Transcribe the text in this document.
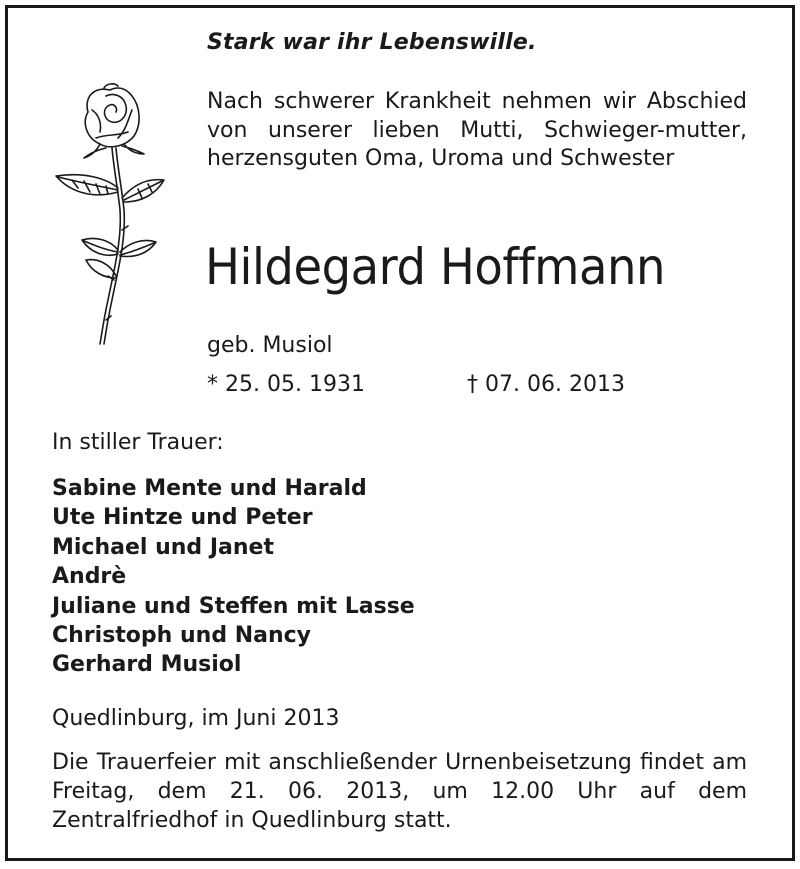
Stark war ihr Lebenswille.
Nach schwerer Krankheit nehmen wir Abschied von unserer lieben Mutti, Schwieger-mutter, herzensguten Oma, Uroma und Schwester
Hildegard Hoffmann
geb. Musiol
* 25. 05. 1931	† 07. 06. 2013
In stiller Trauer:
Sabine Mente und Harald
Ute Hintze und Peter
Michael und Janet
Andrè
Juliane und Steffen mit Lasse
Christoph und Nancy
Gerhard Musiol
Quedlinburg, im Juni 2013
Die Trauerfeier mit anschließender Urnenbeisetzung findet am Freitag, dem 21. 06. 2013, um 12.00 Uhr auf dem Zentralfriedhof in Quedlinburg statt.
